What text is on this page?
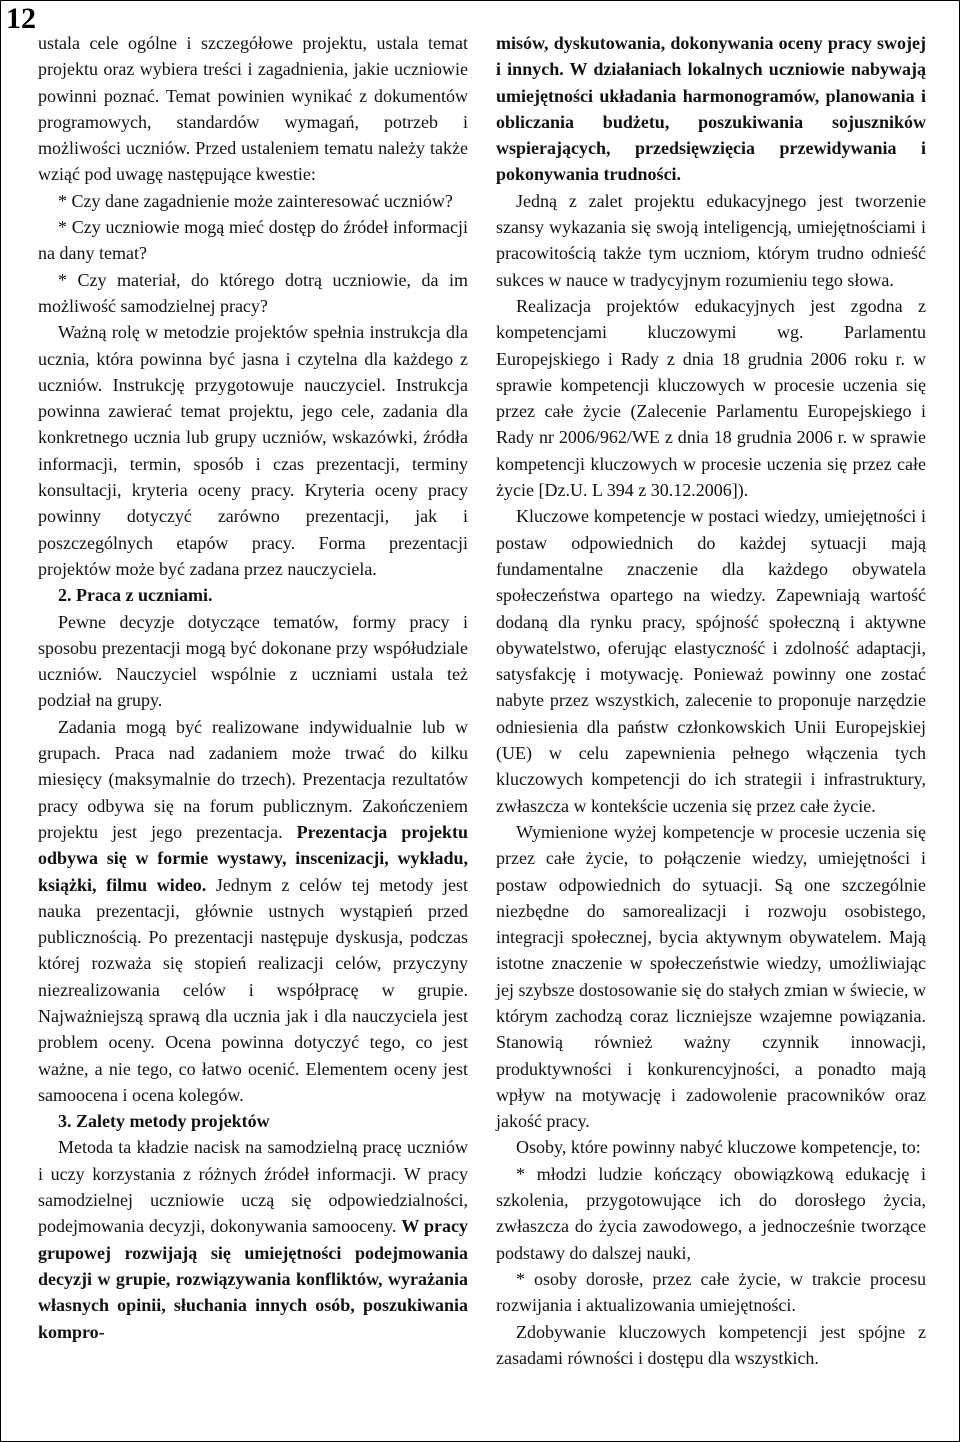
12

ustala cele ogólne i szczegółowe projektu, ustala temat projektu oraz wybiera treści i zagadnienia, jakie uczniowie powinni poznać. Temat powinien wynikać z dokumentów programowych, standardów wymagań, potrzeb i możliwości uczniów. Przed ustaleniem tematu należy także wziąć pod uwagę następujące kwestie:

* Czy dane zagadnienie może zainteresować uczniów?

* Czy uczniowie mogą mieć dostęp do źródeł informacji na dany temat?

* Czy materiał, do którego dotrą uczniowie, da im możliwość samodzielnej pracy?

Ważną rolę w metodzie projektów spełnia instrukcja dla ucznia, która powinna być jasna i czytelna dla każdego z uczniów. Instrukcję przygotowuje nauczyciel. Instrukcja powinna zawierać temat projektu, jego cele, zadania dla konkretnego ucznia lub grupy uczniów, wskazówki, źródła informacji, termin, sposób i czas prezentacji, terminy konsultacji, kryteria oceny pracy. Kryteria oceny pracy powinny dotyczyć zarówno prezentacji, jak i poszczególnych etapów pracy. Forma prezentacji projektów może być zadana przez nauczyciela.

2. Praca z uczniami.

Pewne decyzje dotyczące tematów, formy pracy i sposobu prezentacji mogą być dokonane przy współudziale uczniów. Nauczyciel wspólnie z uczniami ustala też podział na grupy.

Zadania mogą być realizowane indywidualnie lub w grupach. Praca nad zadaniem może trwać do kilku miesięcy (maksymalnie do trzech). Prezentacja rezultatów pracy odbywa się na forum publicznym. Zakończeniem projektu jest jego prezentacja. Prezentacja projektu odbywa się w formie wystawy, inscenizacji, wykładu, książki, filmu wideo. Jednym z celów tej metody jest nauka prezentacji, głównie ustnych wystąpień przed publicznością. Po prezentacji następuje dyskusja, podczas której rozważa się stopień realizacji celów, przyczyny niezrealizowania celów i współpracę w grupie. Najważniejszą sprawą dla ucznia jak i dla nauczyciela jest problem oceny. Ocena powinna dotyczyć tego, co jest ważne, a nie tego, co łatwo ocenić. Elementem oceny jest samoocena i ocena kolegów.

3. Zalety metody projektów

Metoda ta kładzie nacisk na samodzielną pracę uczniów i uczy korzystania z różnych źródeł informacji. W pracy samodzielnej uczniowie uczą się odpowiedzialności, podejmowania decyzji, dokonywania samooceny. W pracy grupowej rozwijają się umiejętności podejmowania decyzji w grupie, rozwiązywania konfliktów, wyrażania własnych opinii, słuchania innych osób, poszukiwania kompro-

misów, dyskutowania, dokonywania oceny pracy swojej i innych. W działaniach lokalnych uczniowie nabywają umiejętności układania harmonogramów, planowania i obliczania budżetu, poszukiwania sojuszników wspierających, przedsięwzięcia przewidywania i pokonywania trudności.

Jedną z zalet projektu edukacyjnego jest tworzenie szansy wykazania się swoją inteligencją, umiejętnościami i pracowitością także tym uczniom, którym trudno odnieść sukces w nauce w tradycyjnym rozumieniu tego słowa.

Realizacja projektów edukacyjnych jest zgodna z kompetencjami kluczowymi wg. Parlamentu Europejskiego i Rady z dnia 18 grudnia 2006 roku r. w sprawie kompetencji kluczowych w procesie uczenia się przez całe życie (Zalecenie Parlamentu Europejskiego i Rady nr 2006/962/WE z dnia 18 grudnia 2006 r. w sprawie kompetencji kluczowych w procesie uczenia się przez całe życie [Dz.U. L 394 z 30.12.2006]).

Kluczowe kompetencje w postaci wiedzy, umiejętności i postaw odpowiednich do każdej sytuacji mają fundamentalne znaczenie dla każdego obywatela społeczeństwa opartego na wiedzy. Zapewniają wartość dodaną dla rynku pracy, spójność społeczną i aktywne obywatelstwo, oferując elastyczność i zdolność adaptacji, satysfakcję i motywację. Ponieważ powinny one zostać nabyte przez wszystkich, zalecenie to proponuje narzędzie odniesienia dla państw członkowskich Unii Europejskiej (UE) w celu zapewnienia pełnego włączenia tych kluczowych kompetencji do ich strategii i infrastruktury, zwłaszcza w kontekście uczenia się przez całe życie.

Wymienione wyżej kompetencje w procesie uczenia się przez całe życie, to połączenie wiedzy, umiejętności i postaw odpowiednich do sytuacji. Są one szczególnie niezbędne do samorealizacji i rozwoju osobistego, integracji społecznej, bycia aktywnym obywatelem. Mają istotne znaczenie w społeczeństwie wiedzy, umożliwiając jej szybsze dostosowanie się do stałych zmian w świecie, w którym zachodzą coraz liczniejsze wzajemne powiązania. Stanowią również ważny czynnik innowacji, produktywności i konkurencyjności, a ponadto mają wpływ na motywację i zadowolenie pracowników oraz jakość pracy.

Osoby, które powinny nabyć kluczowe kompetencje, to:

* młodzi ludzie kończący obowiązkową edukację i szkolenia, przygotowujące ich do dorosłego życia, zwłaszcza do życia zawodowego, a jednocześnie tworzące podstawy do dalszej nauki,

* osoby dorosłe, przez całe życie, w trakcie procesu rozwijania i aktualizowania umiejętności.

Zdobywanie kluczowych kompetencji jest spójne z zasadami równości i dostępu dla wszystkich.
